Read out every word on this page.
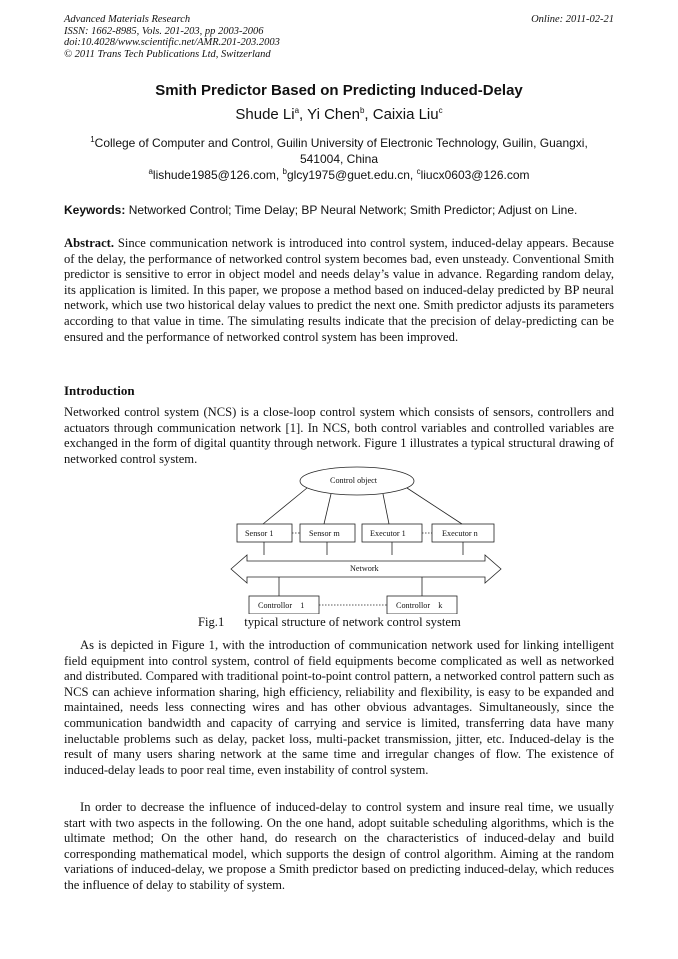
Advanced Materials Research
ISSN: 1662-8985, Vols. 201-203, pp 2003-2006
doi:10.4028/www.scientific.net/AMR.201-203.2003
© 2011 Trans Tech Publications Ltd, Switzerland
Online: 2011-02-21
Smith Predictor Based on Predicting Induced-Delay
Shude Li$^a$, Yi Chen$^b$, Caixia Liu$^c$
$^1$College of Computer and Control, Guilin University of Electronic Technology, Guilin, Guangxi, 541004, China
$^a$lishude1985@126.com, $^b$glcy1975@guet.edu.cn, $^c$liucx0603@126.com
Keywords: Networked Control; Time Delay; BP Neural Network; Smith Predictor; Adjust on Line.
Abstract. Since communication network is introduced into control system, induced-delay appears. Because of the delay, the performance of networked control system becomes bad, even unsteady. Conventional Smith predictor is sensitive to error in object model and needs delay’s value in advance. Regarding random delay, its application is limited. In this paper, we propose a method based on induced-delay predicted by BP neural network, which use two historical delay values to predict the next one. Smith predictor adjusts its parameters according to that value in time. The simulating results indicate that the precision of delay-predicting can be ensured and the performance of networked control system has been improved.
Introduction
Networked control system (NCS) is a close-loop control system which consists of sensors, controllers and actuators through communication network [1]. In NCS, both control variables and controlled variables are exchanged in the form of digital quantity through network. Figure 1 illustrates a typical structural drawing of networked control system.
Control object
Sensor 1	Sensor m	Executor 1	Executor n
Network
Controllor    1	Controllor    k
Fig.1 typical structure of network control system
As is depicted in Figure 1, with the introduction of communication network used for linking intelligent field equipment into control system, control of field equipments become complicated as well as networked and distributed. Compared with traditional point-to-point control pattern, a networked control pattern such as NCS can achieve information sharing, high efficiency, reliability and flexibility, is easy to be expanded and maintained, needs less connecting wires and has other obvious advantages. Simultaneously, since the communication bandwidth and capacity of carrying and service is limited, transferring data have many ineluctable problems such as delay, packet loss, multi-packet transmission, jitter, etc. Induced-delay is the result of many users sharing network at the same time and irregular changes of flow. The existence of induced-delay leads to poor real time, even instability of control system.
In order to decrease the influence of induced-delay to control system and insure real time, we usually start with two aspects in the following. On the one hand, adopt suitable scheduling algorithms, which is the ultimate method; On the other hand, do research on the characteristics of induced-delay and build corresponding mathematical model, which supports the design of control algorithm. Aiming at the random variations of induced-delay, we propose a Smith predictor based on predicting induced-delay, which reduces the influence of delay to stability of system.
